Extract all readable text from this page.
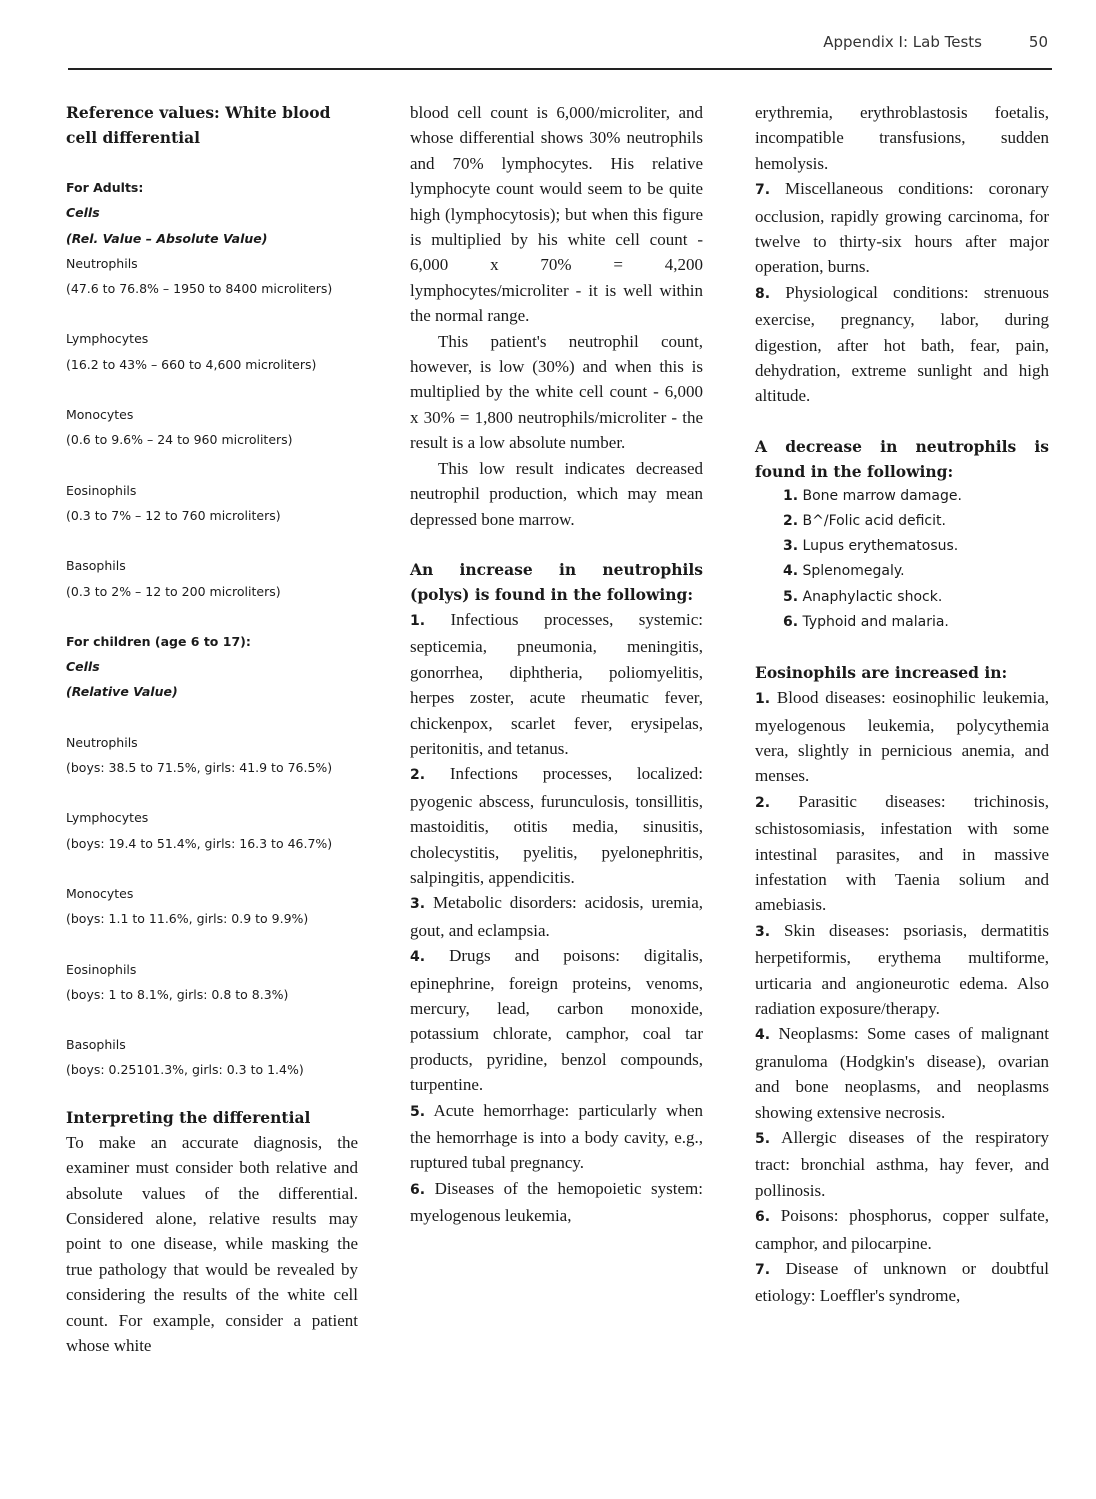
Appendix I: Lab Tests	50
Reference values: White blood cell differential
For Adults:
Cells
(Rel. Value – Absolute Value)
Neutrophils
(47.6 to 76.8% – 1950 to 8400 microliters)
Lymphocytes
(16.2 to 43% – 660 to 4,600 microliters)
Monocytes
(0.6 to 9.6% – 24 to 960 microliters)
Eosinophils
(0.3 to 7% – 12 to 760 microliters)
Basophils
(0.3 to 2% – 12 to 200 microliters)
For children (age 6 to 17):
Cells
(Relative Value)
Neutrophils
(boys: 38.5 to 71.5%, girls: 41.9 to 76.5%)
Lymphocytes
(boys: 19.4 to 51.4%, girls: 16.3 to 46.7%)
Monocytes
(boys: 1.1 to 11.6%, girls: 0.9 to 9.9%)
Eosinophils
(boys: 1 to 8.1%, girls: 0.8 to 8.3%)
Basophils
(boys: 0.25101.3%, girls: 0.3 to 1.4%)
Interpreting the differential

To make an accurate diagnosis, the examiner must consider both relative and absolute values of the differential. Considered alone, relative results may point to one disease, while masking the true pathology that would be revealed by considering the results of the white cell count. For example, consider a patient whose white

blood cell count is 6,000/microliter, and whose differential shows 30% neutrophils and 70% lymphocytes. His relative lymphocyte count would seem to be quite high (lymphocytosis); but when this figure is multiplied by his white cell count - 6,000 x 70% = 4,200 lymphocytes/microliter - it is well within the normal range.

This patient's neutrophil count, however, is low (30%) and when this is multiplied by the white cell count - 6,000 x 30% = 1,800 neutrophils/microliter - the result is a low absolute number.

This low result indicates decreased neutrophil production, which may mean depressed bone marrow.

An increase in neutrophils (polys) is found in the following:

1. Infectious processes, systemic: septicemia, pneumonia, meningitis, gonorrhea, diphtheria, poliomyelitis, herpes zoster, acute rheumatic fever, chickenpox, scarlet fever, erysipelas, peritonitis, and tetanus.

2. Infections processes, localized: pyogenic abscess, furunculosis, tonsillitis, mastoiditis, otitis media, sinusitis, cholecystitis, pyelitis, pyelonephritis, salpingitis, appendicitis.

3. Metabolic disorders: acidosis, uremia, gout, and eclampsia.

4. Drugs and poisons: digitalis, epinephrine, foreign proteins, venoms, mercury, lead, carbon monoxide, potassium chlorate, camphor, coal tar products, pyridine, benzol compounds, turpentine.

5. Acute hemorrhage: particularly when the hemorrhage is into a body cavity, e.g., ruptured tubal pregnancy.

6. Diseases of the hemopoietic system: myelogenous leukemia,

erythremia, erythroblastosis foetalis, incompatible transfusions, sudden hemolysis.

7. Miscellaneous conditions: coronary occlusion, rapidly growing carcinoma, for twelve to thirty-six hours after major operation, burns.

8. Physiological conditions: strenuous exercise, pregnancy, labor, during digestion, after hot bath, fear, pain, dehydration, extreme sunlight and high altitude.

A decrease in neutrophils is found in the following:
1. Bone marrow damage.
2. B^/Folic acid deficit.
3. Lupus erythematosus.
4. Splenomegaly.
5. Anaphylactic shock.
6. Typhoid and malaria.
Eosinophils are increased in:

1. Blood diseases: eosinophilic leukemia, myelogenous leukemia, polycythemia vera, slightly in pernicious anemia, and menses.

2. Parasitic diseases: trichinosis, schistosomiasis, infestation with some intestinal parasites, and in massive infestation with Taenia solium and amebiasis.

3. Skin diseases: psoriasis, dermatitis herpetiformis, erythema multiforme, urticaria and angioneurotic edema. Also radiation exposure/therapy.

4. Neoplasms: Some cases of malignant granuloma (Hodgkin's disease), ovarian and bone neoplasms, and neoplasms showing extensive necrosis.

5. Allergic diseases of the respiratory tract: bronchial asthma, hay fever, and pollinosis.

6. Poisons: phosphorus, copper sulfate, camphor, and pilocarpine.

7. Disease of unknown or doubtful etiology: Loeffler's syndrome,
